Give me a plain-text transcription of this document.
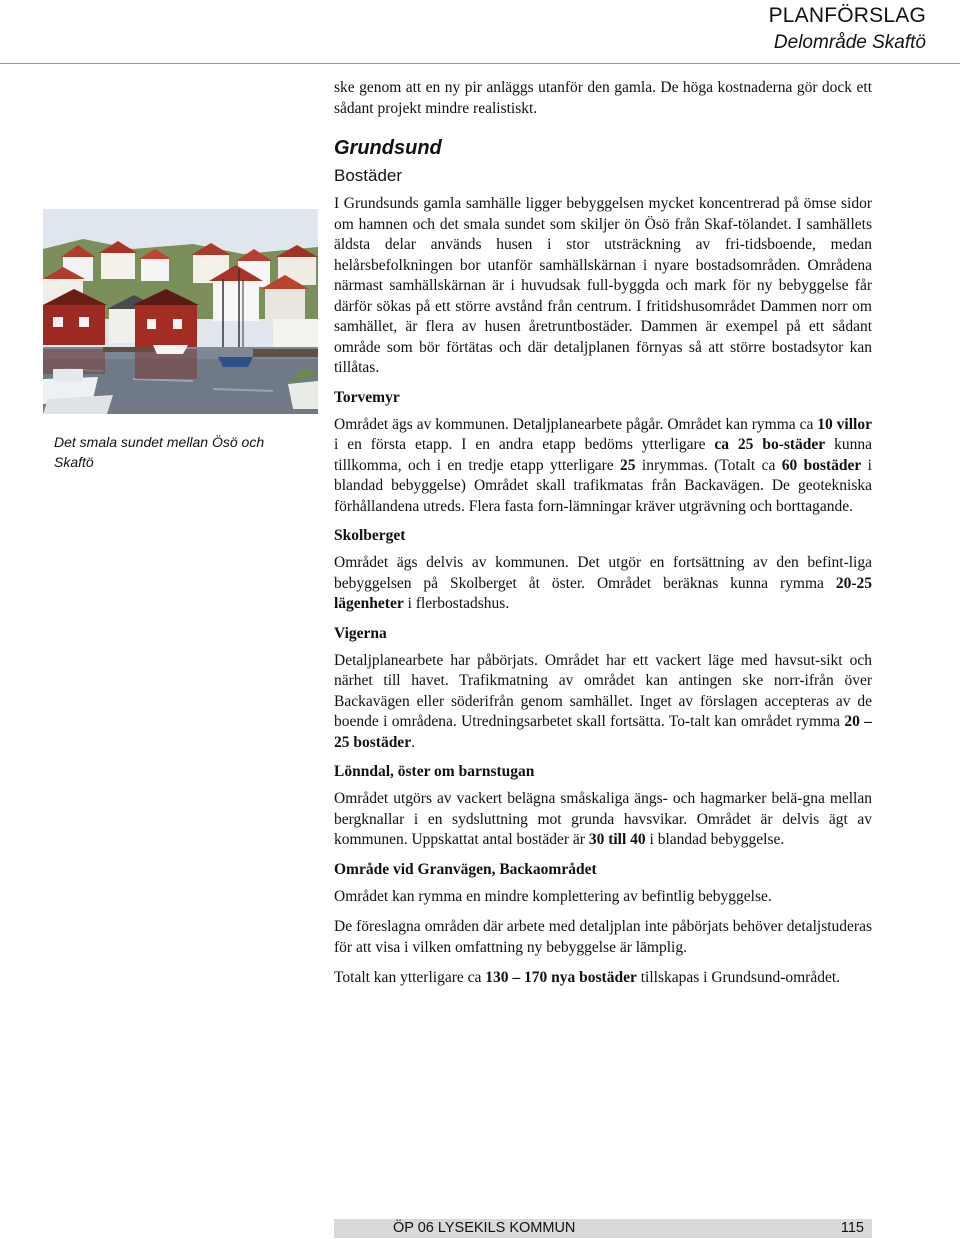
PLANFÖRSLAG
Delområde Skaftö
Det smala sundet mellan Ösö och Skaftö

ske genom att en ny pir anläggs utanför den gamla. De höga kostnaderna gör dock ett sådant projekt mindre realistiskt.

Grundsund
Bostäder

I Grundsunds gamla samhälle ligger bebyggelsen mycket koncentrerad på ömse sidor om hamnen och det smala sundet som skiljer ön Ösö från Skaf-tölandet. I samhällets äldsta delar används husen i stor utsträckning av fri-tidsboende, medan helårsbefolkningen bor utanför samhällskärnan i nyare bostadsområden. Områdena närmast samhällskärnan är i huvudsak full-byggda och mark för ny bebyggelse får därför sökas på ett större avstånd från centrum. I fritidshusområdet Dammen norr om samhället, är flera av husen åretruntbostäder. Dammen är exempel på ett sådant område som bör förtätas och där detaljplanen förnyas så att större bostadsytor kan tillåtas.

Torvemyr

Området ägs av kommunen. Detaljplanearbete pågår. Området kan rymma ca 10 villor i en första etapp. I en andra etapp bedöms ytterligare ca 25 bo-städer kunna tillkomma, och i en tredje etapp ytterligare 25 inrymmas. (Totalt ca 60 bostäder i blandad bebyggelse) Området skall trafikmatas från Backavägen. De geotekniska förhållandena utreds. Flera fasta forn-lämningar kräver utgrävning och borttagande.

Skolberget

Området ägs delvis av kommunen. Det utgör en fortsättning av den befint-liga bebyggelsen på Skolberget åt öster. Området beräknas kunna rymma 20-25 lägenheter i flerbostadshus.

Vigerna

Detaljplanearbete har påbörjats. Området har ett vackert läge med havsut-sikt och närhet till havet. Trafikmatning av området kan antingen ske norr-ifrån över Backavägen eller söderifrån genom samhället. Inget av förslagen accepteras av de boende i områdena. Utredningsarbetet skall fortsätta. To-talt kan området rymma 20 – 25 bostäder.

Lönndal, öster om barnstugan

Området utgörs av vackert belägna småskaliga ängs- och hagmarker belä-gna mellan bergknallar i en sydsluttning mot grunda havsvikar. Området är delvis ägt av kommunen. Uppskattat antal bostäder är 30 till 40 i blandad bebyggelse.

Område vid Granvägen, Backaområdet

Området kan rymma en mindre komplettering av befintlig bebyggelse.

De föreslagna områden där arbete med detaljplan inte påbörjats behöver detaljstuderas för att visa i vilken omfattning ny bebyggelse är lämplig.

Totalt kan ytterligare ca 130 – 170 nya bostäder tillskapas i Grundsund-området.

ÖP 06 LYSEKILS KOMMUN	115
